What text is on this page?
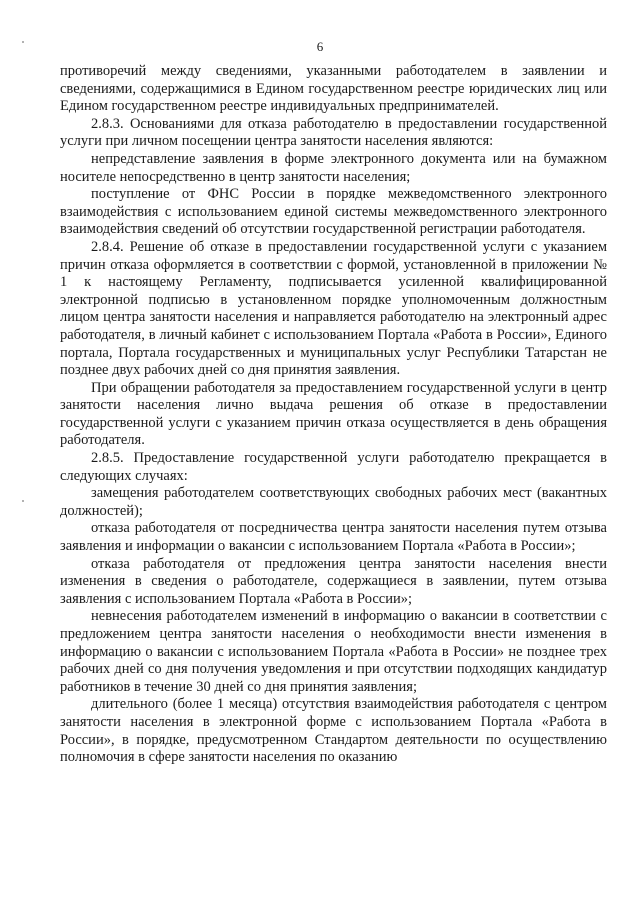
6

противоречий между сведениями, указанными работодателем в заявлении и сведениями, содержащимися в Едином государственном реестре юридических лиц или Едином государственном реестре индивидуальных предпринимателей.

2.8.3. Основаниями для отказа работодателю в предоставлении государственной услуги при личном посещении центра занятости населения являются:

непредставление заявления в форме электронного документа или на бумажном носителе непосредственно в центр занятости населения;

поступление от ФНС России в порядке межведомственного электронного взаимодействия с использованием единой системы межведомственного электронного взаимодействия сведений об отсутствии государственной регистрации работодателя.

2.8.4. Решение об отказе в предоставлении государственной услуги с указанием причин отказа оформляется в соответствии с формой, установленной в приложении № 1 к настоящему Регламенту, подписывается усиленной квалифицированной электронной подписью в установленном порядке уполномоченным должностным лицом центра занятости населения и направляется работодателю на электронный адрес работодателя, в личный кабинет с использованием Портала «Работа в России», Единого портала, Портала государственных и муниципальных услуг Республики Татарстан не позднее двух рабочих дней со дня принятия заявления.

При обращении работодателя за предоставлением государственной услуги в центр занятости населения лично выдача решения об отказе в предоставлении государственной услуги с указанием причин отказа осуществляется в день обращения работодателя.

2.8.5. Предоставление государственной услуги работодателю прекращается в следующих случаях:

замещения работодателем соответствующих свободных рабочих мест (вакантных должностей);

отказа работодателя от посредничества центра занятости населения путем отзыва заявления и информации о вакансии с использованием Портала «Работа в России»;

отказа работодателя от предложения центра занятости населения внести изменения в сведения о работодателе, содержащиеся в заявлении, путем отзыва заявления с использованием Портала «Работа в России»;

невнесения работодателем изменений в информацию о вакансии в соответствии с предложением центра занятости населения о необходимости внести изменения в информацию о вакансии с использованием Портала «Работа в России» не позднее трех рабочих дней со дня получения уведомления и при отсутствии подходящих кандидатур работников в течение 30 дней со дня принятия заявления;

длительного (более 1 месяца) отсутствия взаимодействия работодателя с центром занятости населения в электронной форме с использованием Портала «Работа в России», в порядке, предусмотренном Стандартом деятельности по осуществлению полномочия в сфере занятости населения по оказанию
